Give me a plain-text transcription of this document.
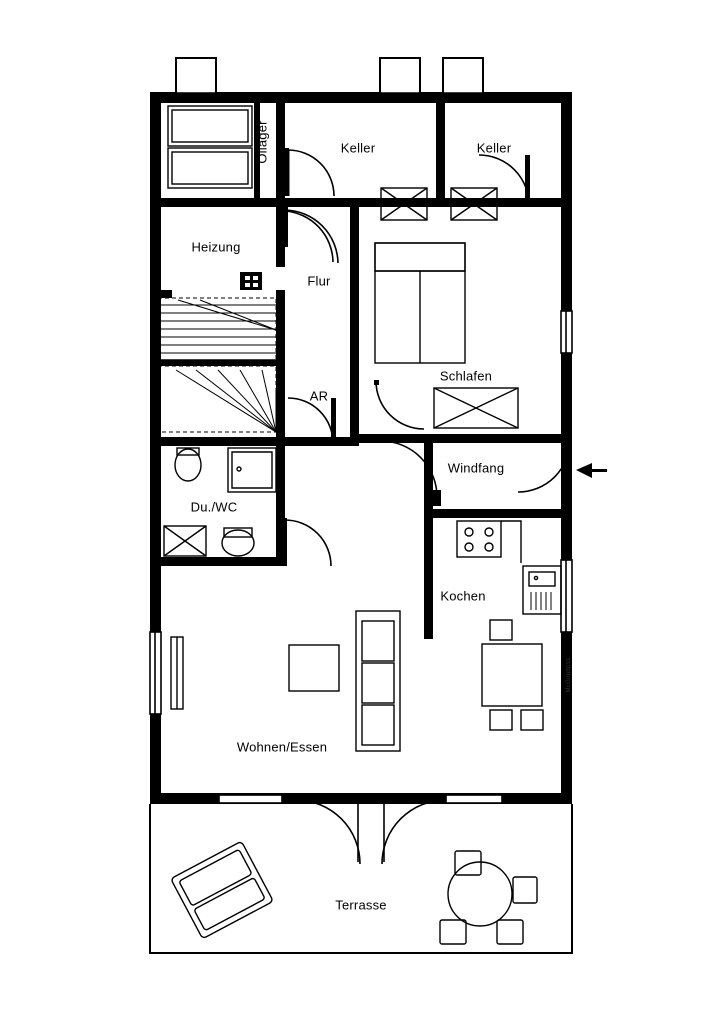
Öllager	Keller	Keller
Heizung
Flur
AR
Schlafen
Windfang
Du./WC
Kochen
Wohnen/Essen
Terrasse
McGundriss
